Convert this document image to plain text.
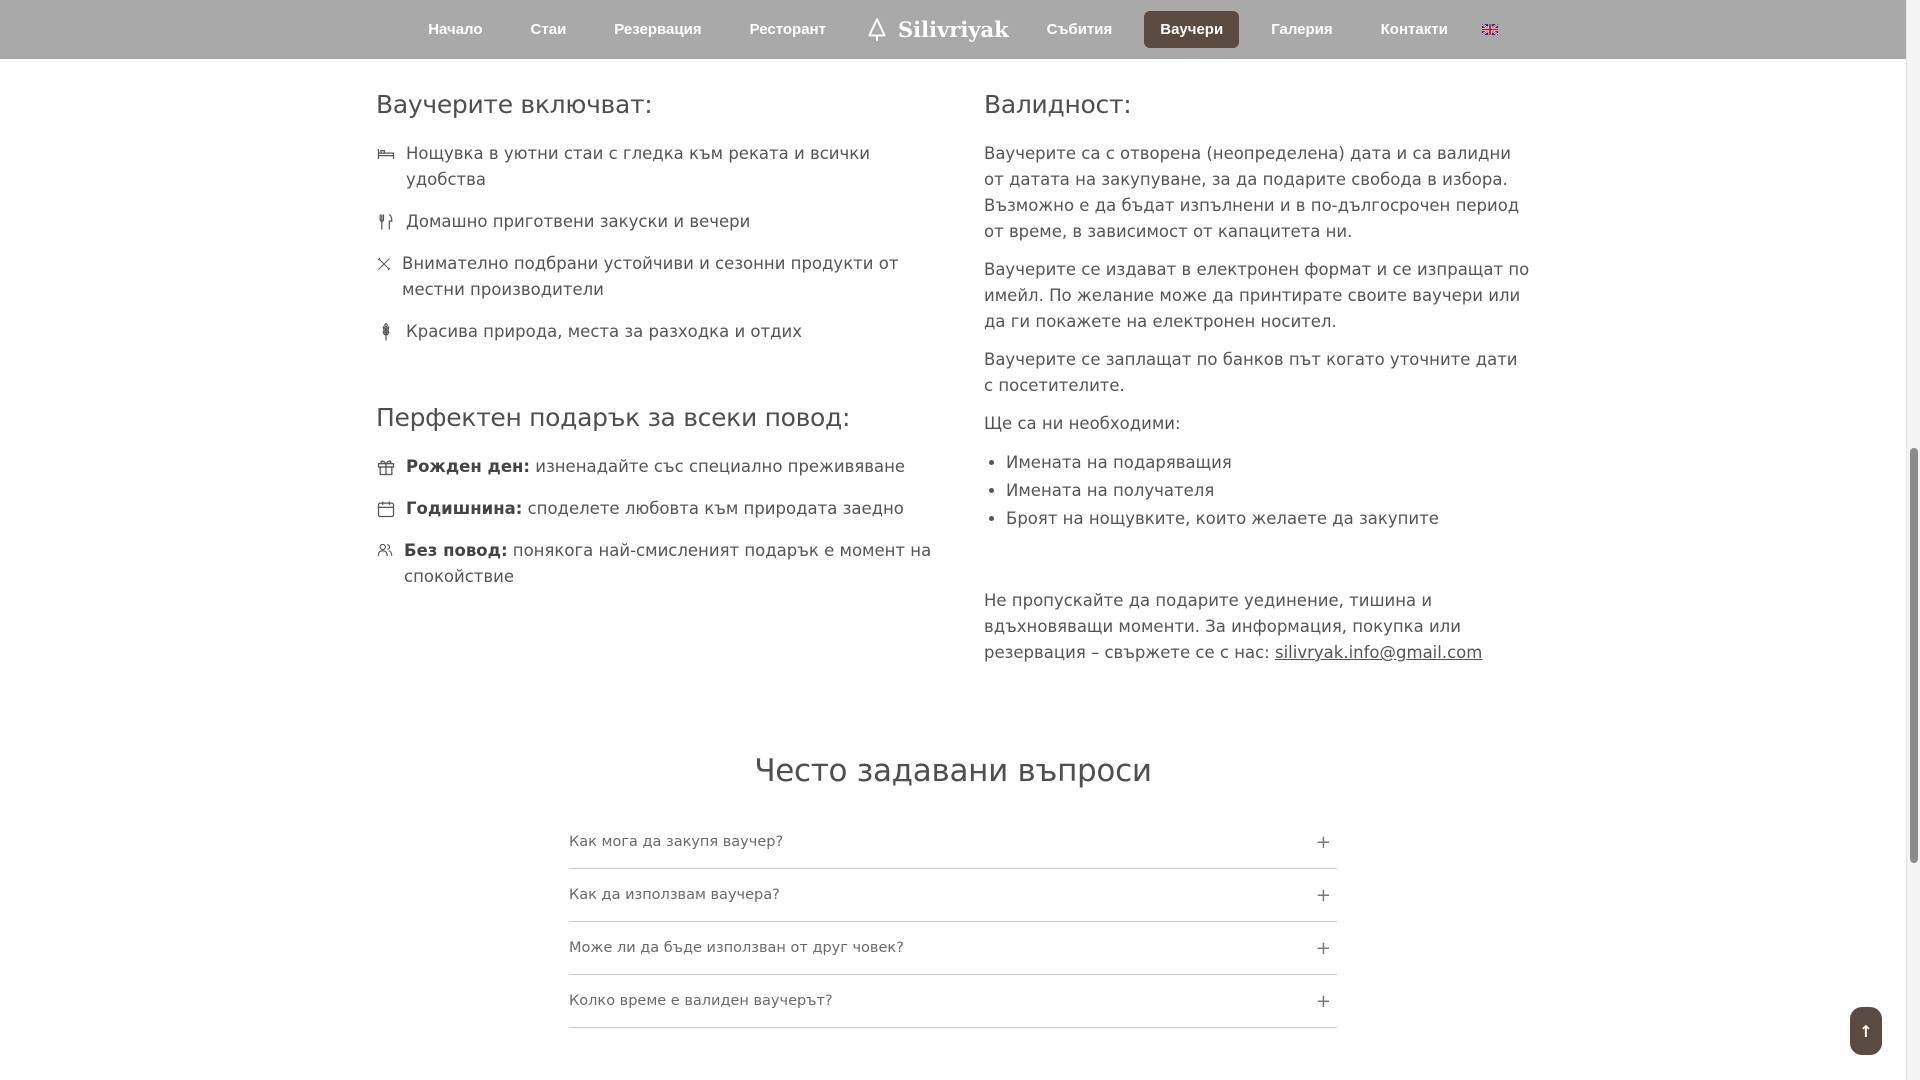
Начало	Стаи	Резервация	Ресторант	Silivriyak	Събития	Ваучери	Галерия	Контакти
Ваучерите включват:
Нощувка в уютни стаи с гледка към реката и всички удобства
Домашно приготвени закуски и вечери
Внимателно подбрани устойчиви и сезонни продукти от местни производители
Красива природа, места за разходка и отдих
Перфектен подарък за всеки повод:
Рожден ден: изненадайте със специално преживяване
Годишнина: споделете любовта към природата заедно
Без повод: понякога най-смисленият подарък е момент на спокойствие
Валидност:

Ваучерите са с отворена (неопределена) дата и са валидни от датата на закупуване, за да подарите свобода в избора. Възможно е да бъдат изпълнени и в по-дългосрочен период от време, в зависимост от капацитета ни.

Ваучерите се издават в електронен формат и се изпращат по имейл. По желание може да принтирате своите ваучери или да ги покажете на електронен носител.

Ваучерите се заплащат по банков път когато уточните дати с посетителите.

Ще са ни необходими:

• Имената на подаряващия
• Имената на получателя
• Броят на нощувките, които желаете да закупите

Не пропускайте да подарите уединение, тишина и вдъхновяващи моменти. За информация, покупка или резервация – свържете се с нас: silivryak.info@gmail.com

Често задавани въпроси
Как мога да закупя ваучер?	+
Как да използвам ваучера?	+
Може ли да бъде използван от друг човек?	+
Колко време е валиден ваучерът?	+
↑
